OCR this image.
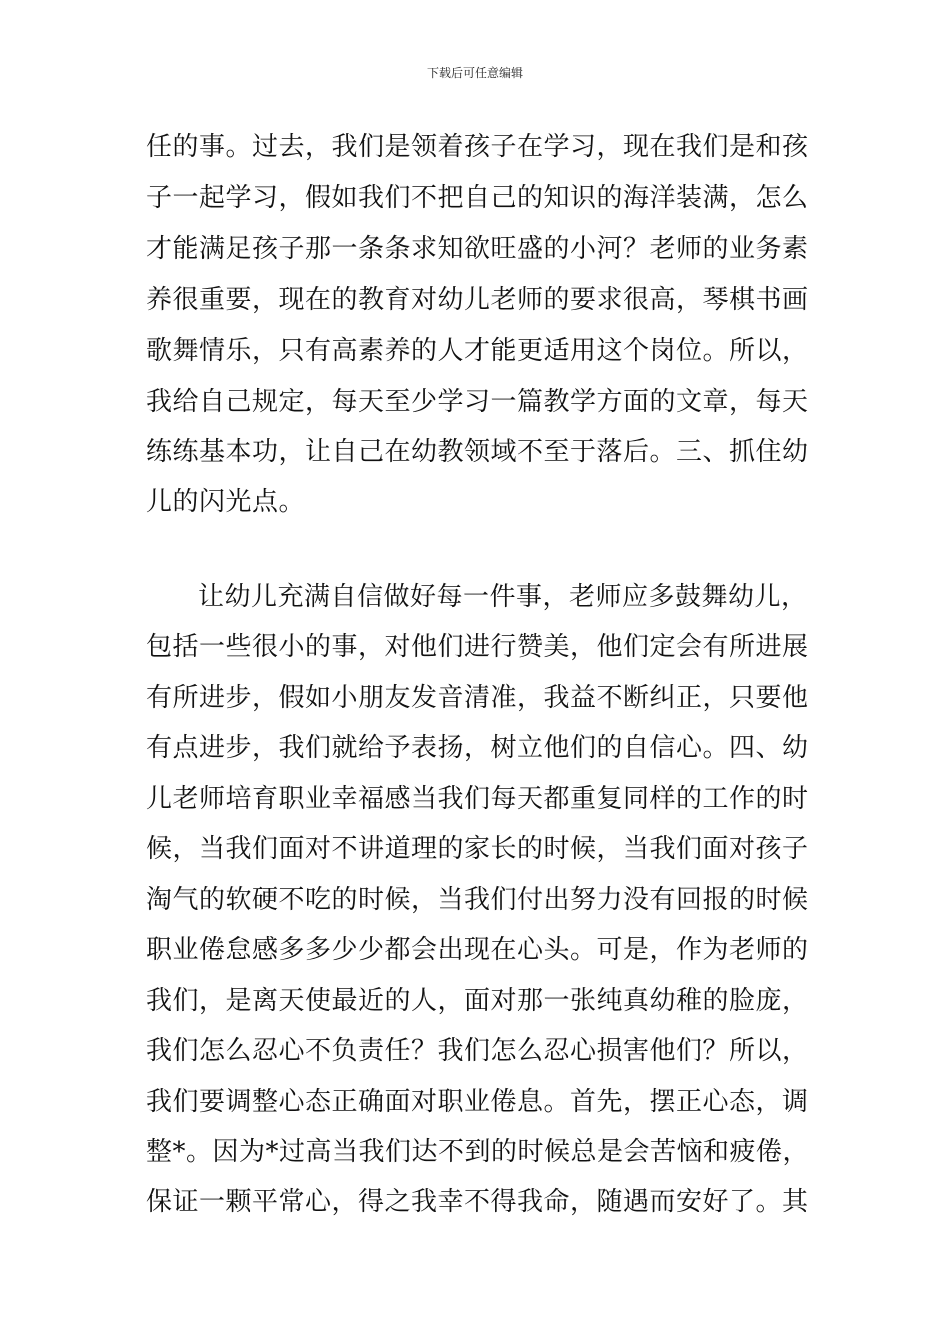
下载后可任意编辑
任的事。过去，我们是领着孩子在学习，现在我们是和孩
子一起学习，假如我们不把自己的知识的海洋装满，怎么
才能满足孩子那一条条求知欲旺盛的小河？老师的业务素
养很重要，现在的教育对幼儿老师的要求很高，琴棋书画
歌舞情乐，只有高素养的人才能更适用这个岗位。所以，
我给自己规定，每天至少学习一篇教学方面的文章，每天
练练基本功，让自己在幼教领域不至于落后。三、抓住幼
儿的闪光点。
让幼儿充满自信做好每一件事，老师应多鼓舞幼儿，
包括一些很小的事，对他们进行赞美，他们定会有所进展
有所进步，假如小朋友发音清准，我益不断纠正，只要他
有点进步，我们就给予表扬，树立他们的自信心。四、幼
儿老师培育职业幸福感当我们每天都重复同样的工作的时
候，当我们面对不讲道理的家长的时候，当我们面对孩子
淘气的软硬不吃的时候，当我们付出努力没有回报的时候
职业倦怠感多多少少都会出现在心头。可是，作为老师的
我们，是离天使最近的人，面对那一张纯真幼稚的脸庞，
我们怎么忍心不负责任？我们怎么忍心损害他们？所以，
我们要调整心态正确面对职业倦息。首先，摆正心态，调
整*。因为*过高当我们达不到的时候总是会苦恼和疲倦，
保证一颗平常心，得之我幸不得我命，随遇而安好了。其
